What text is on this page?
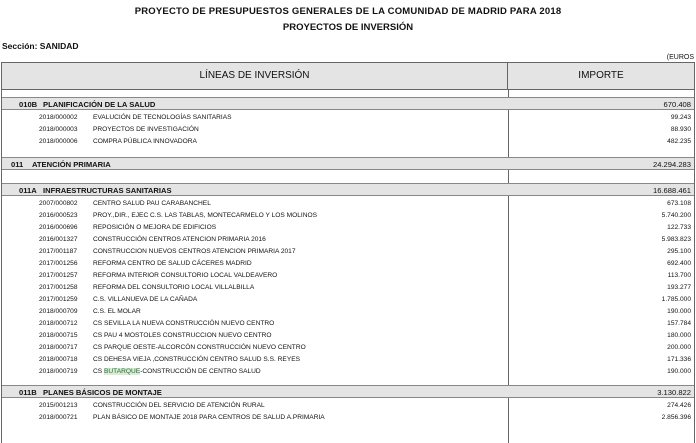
PROYECTO DE PRESUPUESTOS GENERALES DE LA COMUNIDAD DE MADRID PARA 2018
PROYECTOS DE INVERSIÓN
Sección: SANIDAD
(EUROS
LÍNEAS DE INVERSIÓN	IMPORTE
010B PLANIFICACIÓN DE LA SALUD	670.408
2018/000002 EVALUCIÓN DE TECNOLOGÍAS SANITARIAS	99.243
2018/000003 PROYECTOS DE INVESTIGACIÓN	88.930
2018/000006 COMPRA PÚBLICA INNOVADORA	482.235
011 ATENCIÓN PRIMARIA	24.294.283
011A INFRAESTRUCTURAS SANITARIAS	16.688.461
2007/000802 CENTRO SALUD PAU CARABANCHEL	673.108
2016/000523 PROY.,DIR., EJEC C.S. LAS TABLAS, MONTECARMELO Y LOS MOLINOS	5.740.200
2016/000696 REPOSICIÓN O MEJORA DE EDIFICIOS	122.733
2016/001327 CONSTRUCCIÓN CENTROS ATENCION PRIMARIA 2016	5.983.823
2017/001187 CONSTRUCCION NUEVOS CENTROS ATENCION PRIMARIA 2017	295.100
2017/001256 REFORMA CENTRO DE SALUD CÁCERES MADRID	692.400
2017/001257 REFORMA INTERIOR CONSULTORIO LOCAL VALDEAVERO	113.700
2017/001258 REFORMA DEL CONSULTORIO LOCAL VILLALBILLA	193.277
2017/001259 C.S. VILLANUEVA DE LA CAÑADA	1.785.000
2018/000709 C.S. EL MOLAR	190.000
2018/000712 CS SEVILLA LA NUEVA CONSTRUCCIÓN NUEVO CENTRO	157.784
2018/000715 CS PAU 4 MOSTOLES CONSTRUCCION NUEVO CENTRO	180.000
2018/000717 CS PARQUE OESTE-ALCORCÓN CONSTRUCCIÓN NUEVO CENTRO	200.000
2018/000718 CS DEHESA VIEJA ,CONSTRUCCIÓN CENTRO SALUD S.S. REYES	171.336
2018/000719 CS BUTARQUE-CONSTRUCCIÓN DE CENTRO SALUD	190.000
011B PLANES BÁSICOS DE MONTAJE	3.130.822
2015/001213 CONSTRUCCIÓN DEL SERVICIO DE ATENCIÓN RURAL	274.426
2018/000721 PLAN BÁSICO DE MONTAJE 2018 PARA CENTROS DE SALUD A.PRIMARIA	2.856.396
